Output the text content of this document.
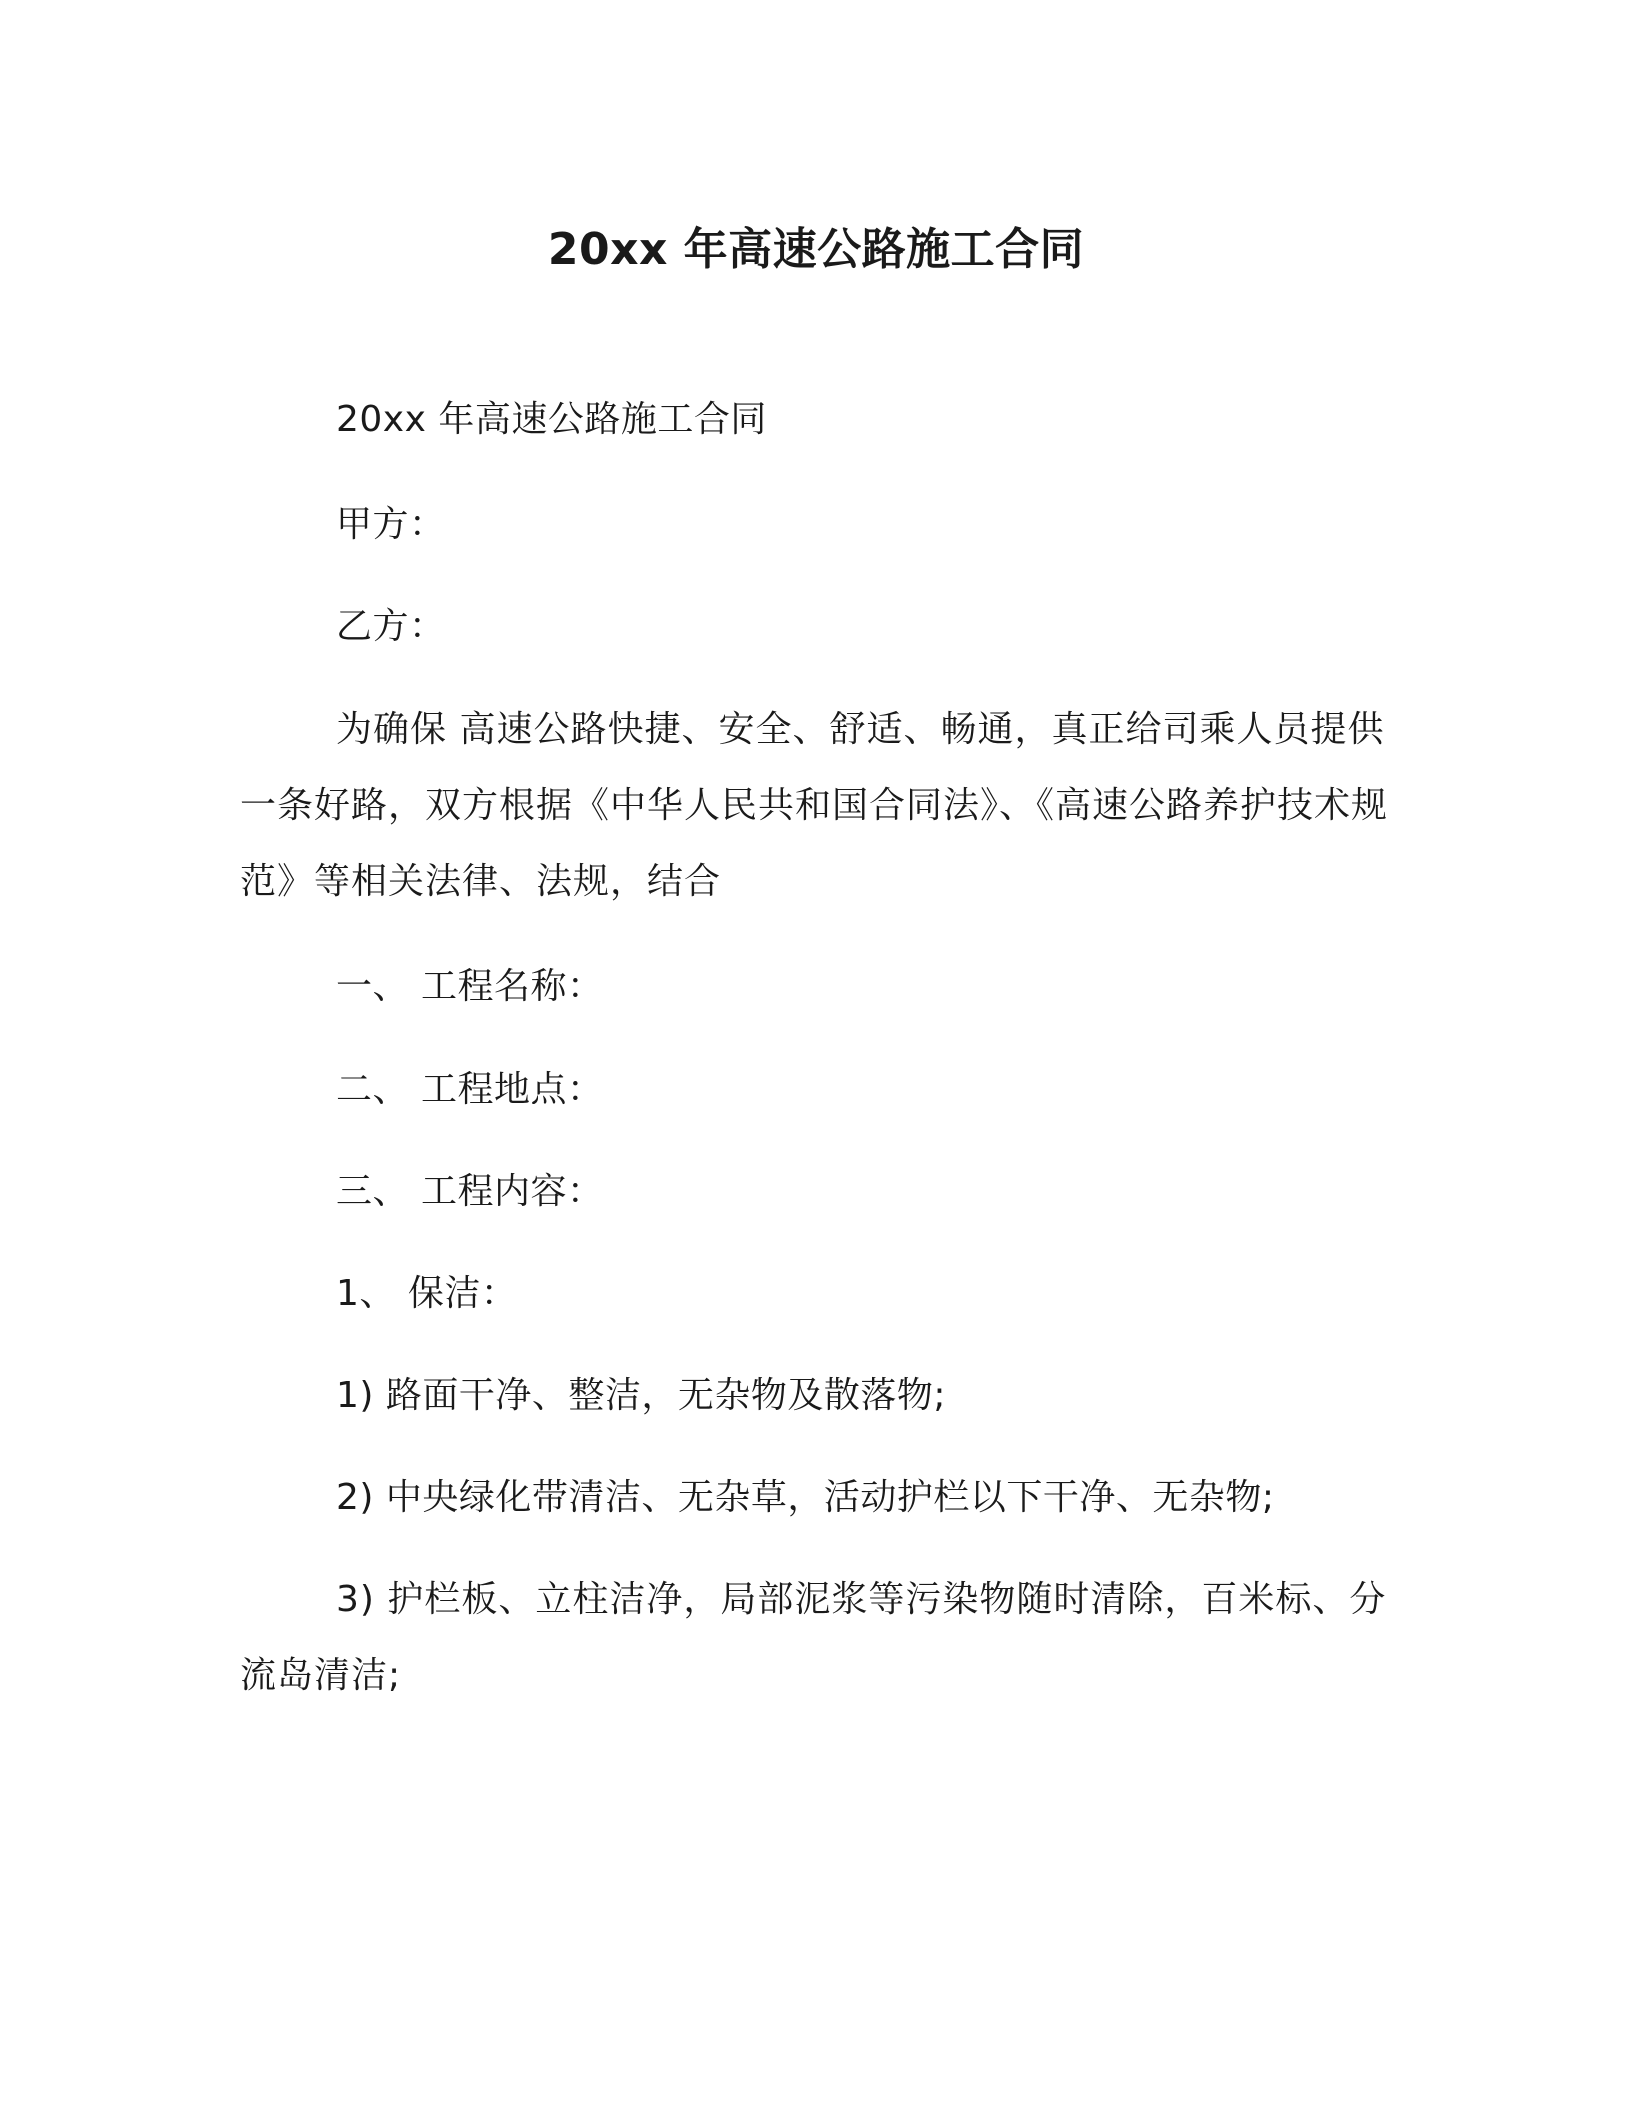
20xx 年高速公路施工合同
20xx 年高速公路施工合同
甲方：
乙方：

为确保 高速公路快捷、安全、舒适、畅通，真正给司乘人员提供一条好路，双方根据《中华人民共和国合同法》、《高速公路养护技术规范》等相关法律、法规，结合

一、 工程名称：
二、 工程地点：
三、 工程内容：
1、 保洁：
1) 路面干净、整洁，无杂物及散落物;
2) 中央绿化带清洁、无杂草，活动护栏以下干净、无杂物;

3) 护栏板、立柱洁净，局部泥浆等污染物随时清除，百米标、分流岛清洁;
